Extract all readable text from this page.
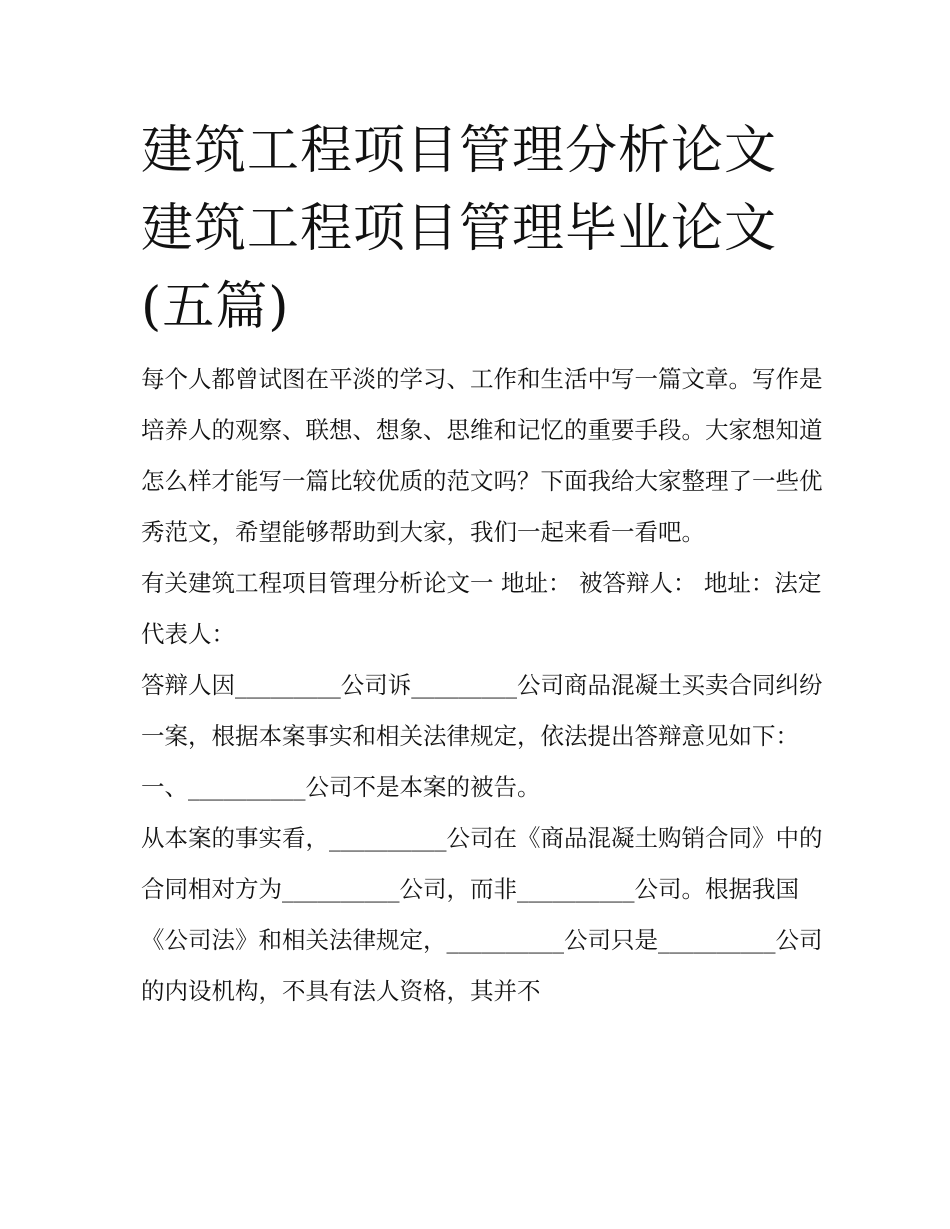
建筑工程项目管理分析论文 建筑工程项目管理毕业论文(五篇)

每个人都曾试图在平淡的学习、工作和生活中写一篇文章。写作是培养人的观察、联想、想象、思维和记忆的重要手段。大家想知道怎么样才能写一篇比较优质的范文吗？下面我给大家整理了一些优秀范文，希望能够帮助到大家，我们一起来看一看吧。

有关建筑工程项目管理分析论文一 地址： 被答辩人： 地址：法定代表人：

答辩人因_________公司诉_________公司商品混凝土买卖合同纠纷一案，根据本案事实和相关法律规定，依法提出答辩意见如下：

一、__________公司不是本案的被告。

从本案的事实看，__________公司在《商品混凝土购销合同》中的合同相对方为__________公司，而非__________公司。根据我国《公司法》和相关法律规定，__________公司只是__________公司的内设机构，不具有法人资格，其并不
